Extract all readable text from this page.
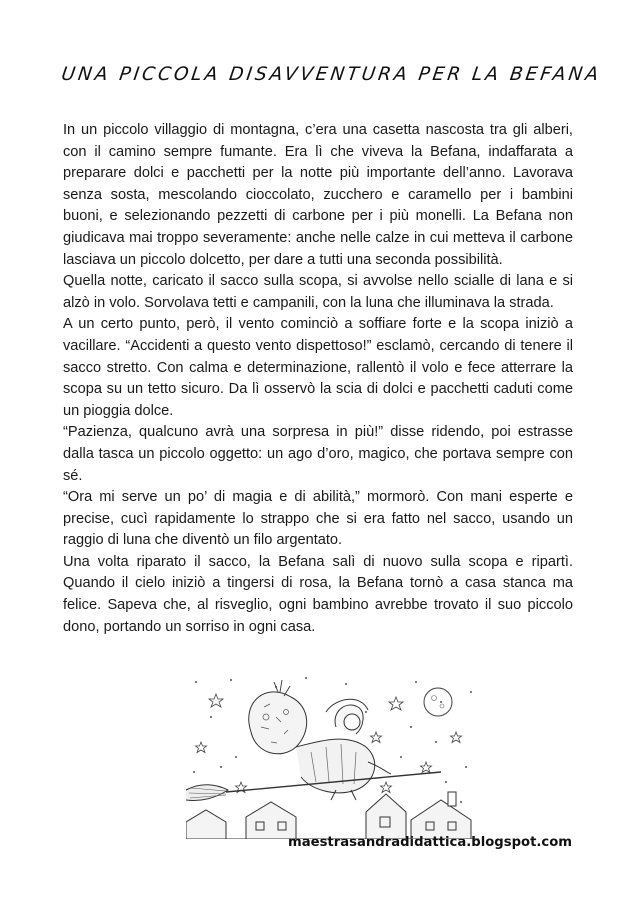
UNA PICCOLA DISAVVENTURA PER LA BEFANA

In un piccolo villaggio di montagna, c’era una casetta nascosta tra gli alberi, con il camino sempre fumante. Era lì che viveva la Befana, indaffarata a preparare dolci e pacchetti per la notte più importante dell’anno. Lavorava senza sosta, mescolando cioccolato, zucchero e caramello per i bambini buoni, e selezionando pezzetti di carbone per i più monelli. La Befana non giudicava mai troppo severamente: anche nelle calze in cui metteva il carbone lasciava un piccolo dolcetto, per dare a tutti una seconda possibilità.

Quella notte, caricato il sacco sulla scopa, si avvolse nello scialle di lana e si alzò in volo. Sorvolava tetti e campanili, con la luna che illuminava la strada.

A un certo punto, però, il vento cominciò a soffiare forte e la scopa iniziò a vacillare. “Accidenti a questo vento dispettoso!” esclamò, cercando di tenere il sacco stretto. Con calma e determinazione, rallentò il volo e fece atterrare la scopa su un tetto sicuro. Da lì osservò la scia di dolci e pacchetti caduti come un pioggia dolce.

“Pazienza, qualcuno avrà una sorpresa in più!” disse ridendo, poi estrasse dalla tasca un piccolo oggetto: un ago d’oro, magico, che portava sempre con sé.

“Ora mi serve un po’ di magia e di abilità,” mormorò. Con mani esperte e precise, cucì rapidamente lo strappo che si era fatto nel sacco, usando un raggio di luna che diventò un filo argentato.

Una volta riparato il sacco, la Befana salì di nuovo sulla scopa e ripartì. Quando il cielo iniziò a tingersi di rosa, la Befana tornò a casa stanca ma felice. Sapeva che, al risveglio, ogni bambino avrebbe trovato il suo piccolo dono, portando un sorriso in ogni casa.

maestrasandradidattica.blogspot.com
